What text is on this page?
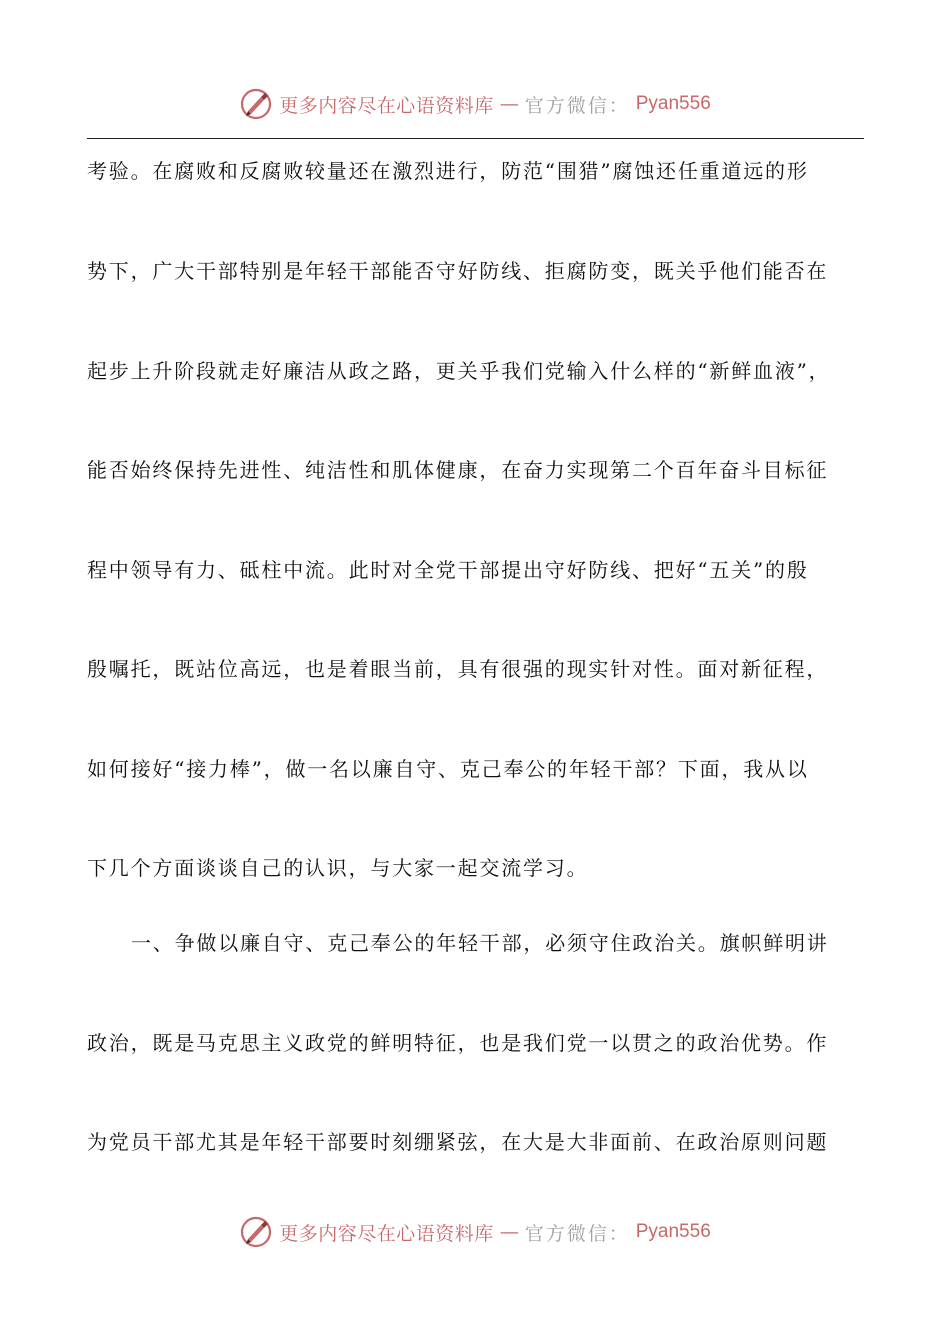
更多内容尽在心语资料库 — 官方微信： Pyan556
考验。在腐败和反腐败较量还在激烈进行，防范“围猎”腐蚀还任重道远的形
势下，广大干部特别是年轻干部能否守好防线、拒腐防变，既关乎他们能否在
起步上升阶段就走好廉洁从政之路，更关乎我们党输入什么样的“新鲜血液”，
能否始终保持先进性、纯洁性和肌体健康，在奋力实现第二个百年奋斗目标征
程中领导有力、砥柱中流。此时对全党干部提出守好防线、把好“五关”的殷
殷嘱托，既站位高远，也是着眼当前，具有很强的现实针对性。面对新征程，
如何接好“接力棒”，做一名以廉自守、克己奉公的年轻干部？下面，我从以
下几个方面谈谈自己的认识，与大家一起交流学习。
一、争做以廉自守、克己奉公的年轻干部，必须守住政治关。旗帜鲜明讲
政治，既是马克思主义政党的鲜明特征，也是我们党一以贯之的政治优势。作
为党员干部尤其是年轻干部要时刻绷紧弦，在大是大非面前、在政治原则问题
更多内容尽在心语资料库 — 官方微信： Pyan556
